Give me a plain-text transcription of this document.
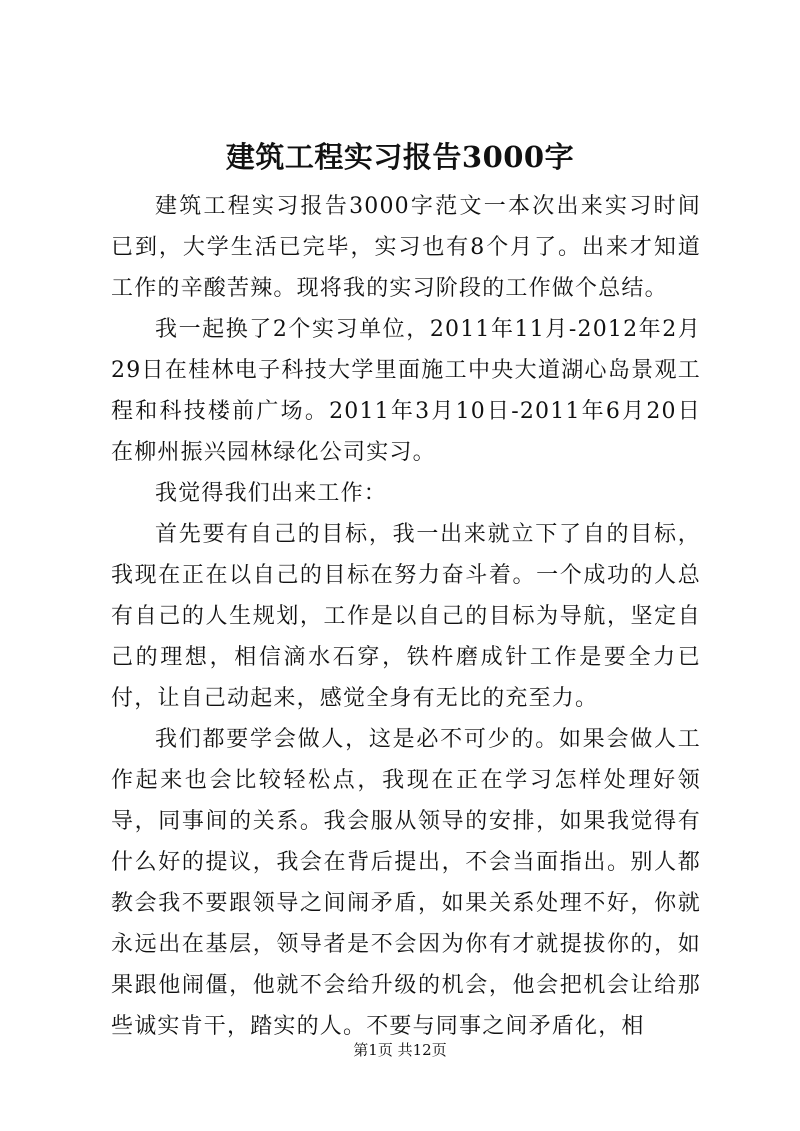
建筑工程实习报告3000字

建筑工程实习报告3000字范文一本次出来实习时间已到，大学生活已完毕，实习也有8个月了。出来才知道工作的辛酸苦辣。现将我的实习阶段的工作做个总结。

我一起换了2个实习单位，2011年11月-2012年2月29日在桂林电子科技大学里面施工中央大道湖心岛景观工程和科技楼前广场。2011年3月10日-2011年6月20日在柳州振兴园林绿化公司实习。

我觉得我们出来工作：

首先要有自己的目标，我一出来就立下了自的目标，我现在正在以自己的目标在努力奋斗着。一个成功的人总有自己的人生规划，工作是以自己的目标为导航，坚定自己的理想，相信滴水石穿，铁杵磨成针工作是要全力已付，让自己动起来，感觉全身有无比的充至力。

我们都要学会做人，这是必不可少的。如果会做人工作起来也会比较轻松点，我现在正在学习怎样处理好领导，同事间的关系。我会服从领导的安排，如果我觉得有什么好的提议，我会在背后提出，不会当面指出。别人都教会我不要跟领导之间闹矛盾，如果关系处理不好，你就永远出在基层，领导者是不会因为你有才就提拔你的，如果跟他闹僵，他就不会给升级的机会，他会把机会让给那些诚实肯干，踏实的人。不要与同事之间矛盾化，相

第1页 共12页
